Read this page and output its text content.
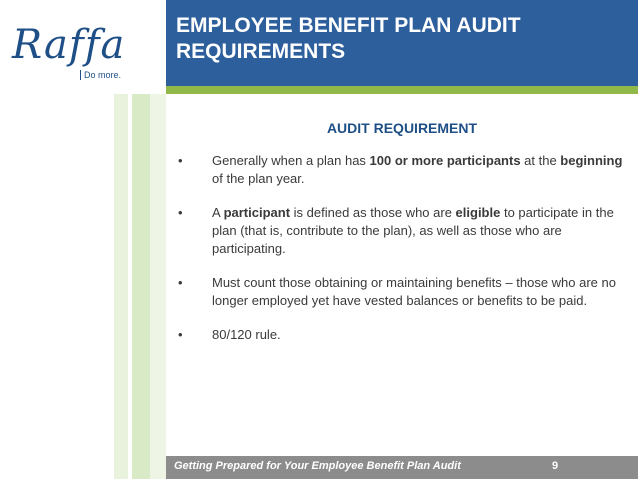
Raffa
Do more.
EMPLOYEE BENEFIT PLAN AUDIT
REQUIREMENTS
AUDIT REQUIREMENT
• Generally when a plan has 100 or more participants at the beginning of the plan year.
• A participant is defined as those who are eligible to participate in the plan (that is, contribute to the plan), as well as those who are participating.
• Must count those obtaining or maintaining benefits – those who are no longer employed yet have vested balances or benefits to be paid.
• 80/120 rule.
Getting Prepared for Your Employee Benefit Plan Audit	9
